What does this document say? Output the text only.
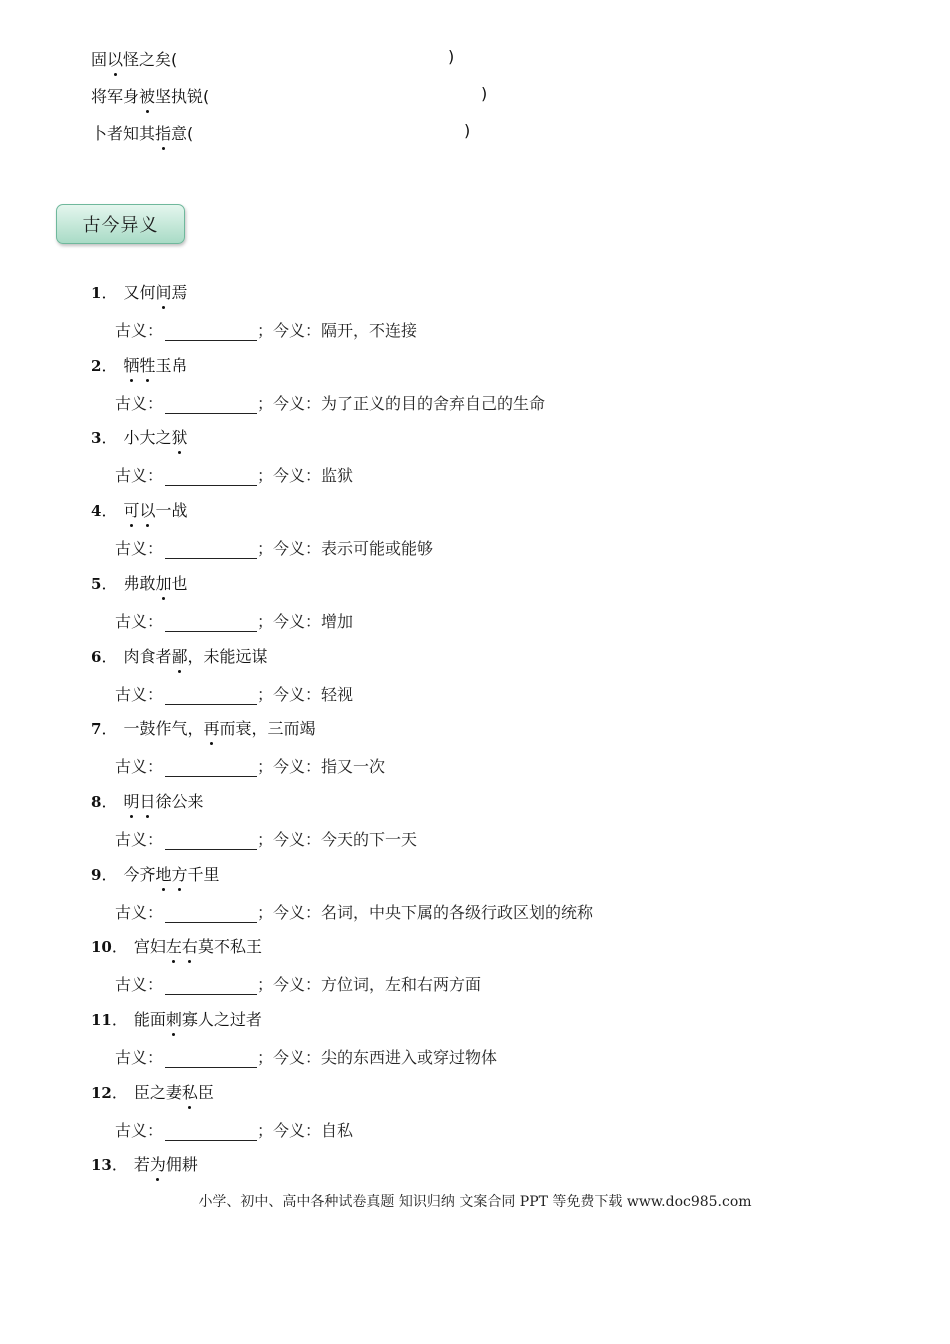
固以怪之矣(	)
将军身被坚执锐(	)
卜者知其指意(	)
古今异义
1． 又何间焉
古义：	；今义： 隔开，不连接
2． 牺牲玉帛
古义：	；今义： 为了正义的目的舍弃自己的生命
3． 小大之狱
古义：	；今义： 监狱
4． 可以一战
古义：	；今义： 表示可能或能够
5． 弗敢加也
古义：	；今义： 增加
6． 肉食者鄙，未能远谋
古义：	；今义： 轻视
7． 一鼓作气，再而衰，三而竭
古义：	；今义： 指又一次
8． 明日徐公来
古义：	；今义： 今天的下一天
9． 今齐地方千里
古义：	；今义： 名词，中央下属的各级行政区划的统称
10． 宫妇左右莫不私王
古义：	；今义： 方位词，左和右两方面
11． 能面刺寡人之过者
古义：	；今义： 尖的东西进入或穿过物体
12． 臣之妻私臣
古义：	；今义： 自私
13． 若为佣耕
小学、初中、高中各种试卷真题 知识归纳 文案合同 PPT 等免费下载 www.doc985.com
